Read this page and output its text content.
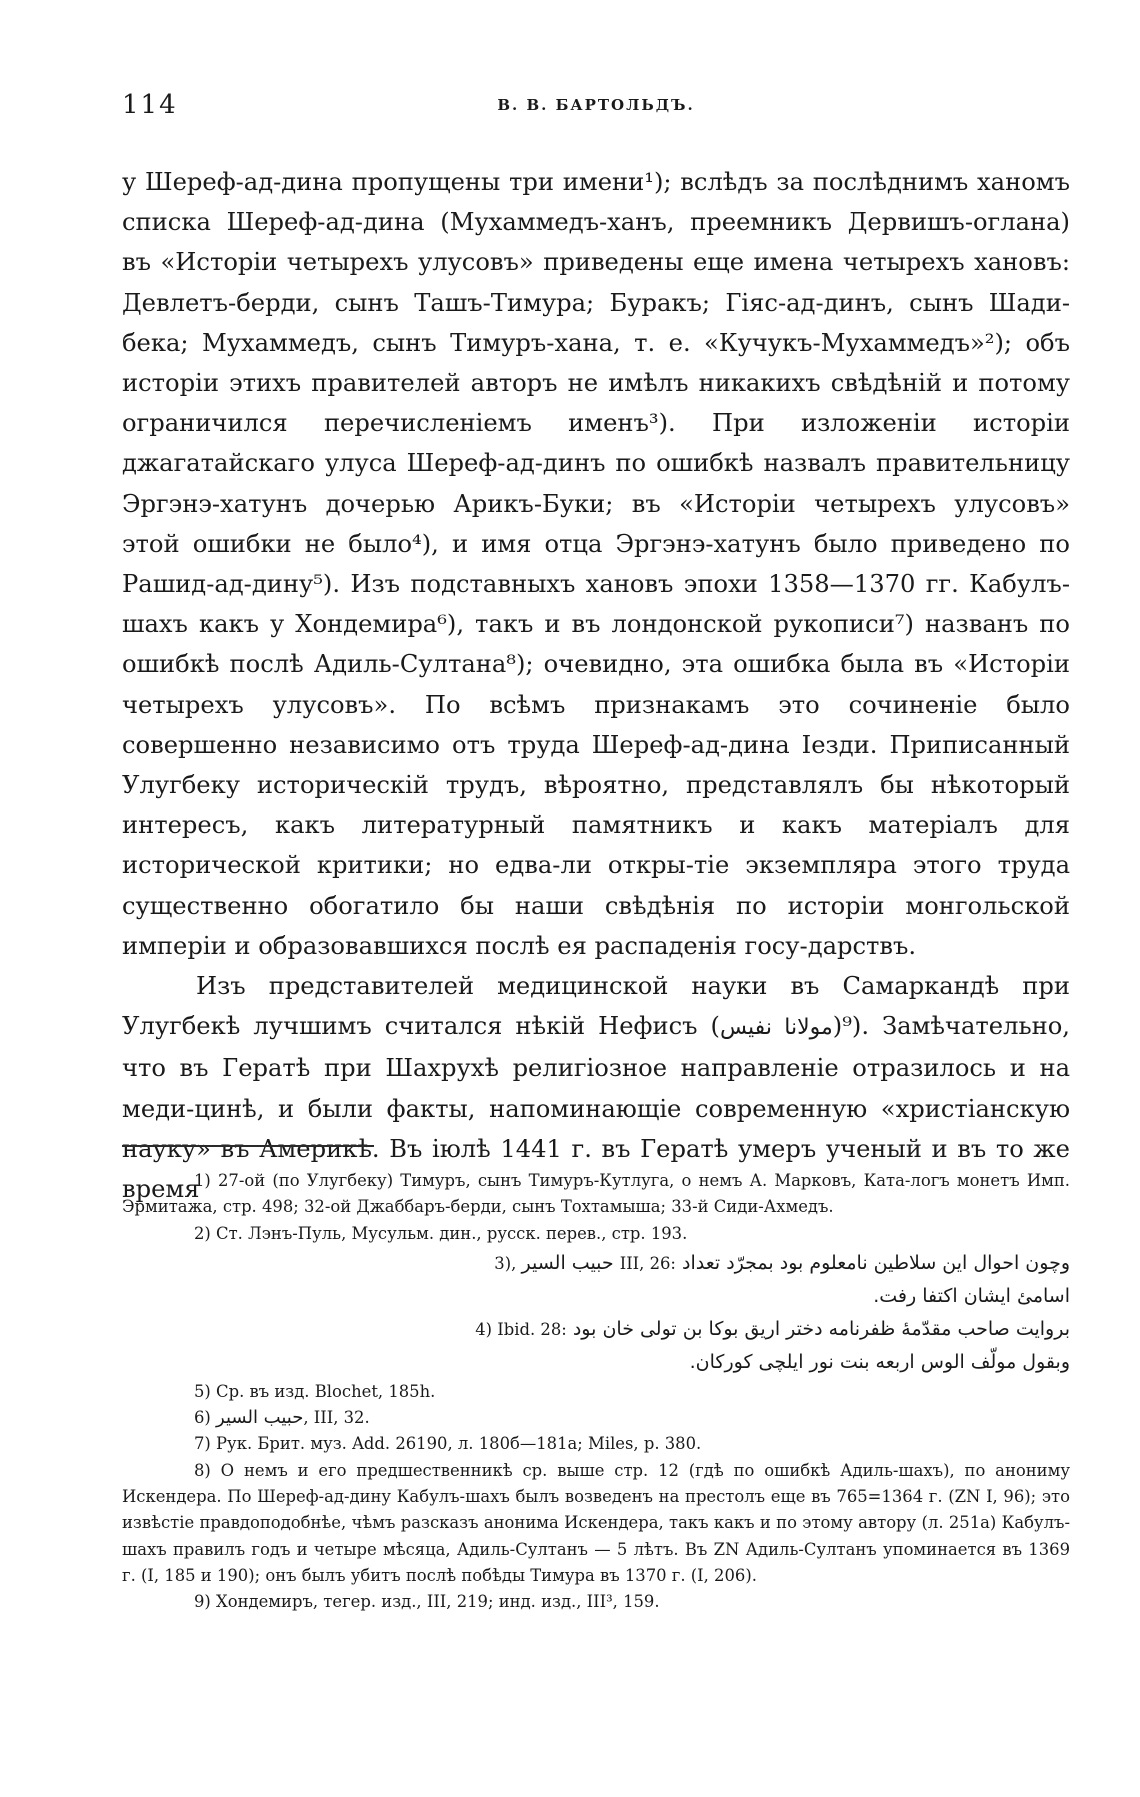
114	В. В. БАРТОЛЬДЪ.

у Шереф-ад-дина пропущены три имени¹); вслѣдъ за послѣднимъ ханомъ списка Шереф-ад-дина (Мухаммедъ-ханъ, преемникъ Дервишъ-оглана) въ «Исторіи четырехъ улусовъ» приведены еще имена четырехъ хановъ: Девлетъ-берди, сынъ Ташъ-Тимура; Буракъ; Гіяс-ад-динъ, сынъ Шади-бека; Мухаммедъ, сынъ Тимуръ-хана, т. е. «Кучукъ-Мухаммедъ»²); объ исторіи этихъ правителей авторъ не имѣлъ никакихъ свѣдѣній и потому ограничился перечисленіемъ именъ³). При изложеніи исторіи джагатайскаго улуса Шереф-ад-динъ по ошибкѣ назвалъ правительницу Эргэнэ-хатунъ дочерью Арикъ-Буки; въ «Исторіи четырехъ улусовъ» этой ошибки не было⁴), и имя отца Эргэнэ-хатунъ было приведено по Рашид-ад-дину⁵). Изъ подставныхъ хановъ эпохи 1358—1370 гг. Кабулъ-шахъ какъ у Хондемира⁶), такъ и въ лондонской рукописи⁷) названъ по ошибкѣ послѣ Адиль-Султана⁸); очевидно, эта ошибка была въ «Исторіи четырехъ улусовъ». По всѣмъ признакамъ это сочиненіе было совершенно независимо отъ труда Шереф-ад-дина Іезди. Приписанный Улугбеку историческій трудъ, вѣроятно, представлялъ бы нѣкоторый интересъ, какъ литературный памятникъ и какъ матеріалъ для исторической критики; но едва-ли откры-тіе экземпляра этого труда существенно обогатило бы наши свѣдѣнія по исторіи монгольской имперіи и образовавшихся послѣ ея распаденія госу-дарствъ.

Изъ представителей медицинской науки въ Самаркандѣ при Улугбекѣ лучшимъ считался нѣкій Нефисъ (مولانا نفيس)⁹). Замѣчательно, что въ Гератѣ при Шахрухѣ религіозное направленіе отразилось и на меди-цинѣ, и были факты, напоминающіе современную «христіанскую науку» въ Америкѣ. Въ іюлѣ 1441 г. въ Гератѣ умеръ ученый и въ то же время

1) 27-ой (по Улугбеку) Тимуръ, сынъ Тимуръ-Кутлуга, о немъ А. Марковъ, Ката-логъ монетъ Имп. Эрмитажа, стр. 498; 32-ой Джаббаръ-берди, сынъ Тохтамыша; 33-й Сиди-Ахмедъ.

2) Ст. Лэнъ-Пуль, Мусульм. дин., русск. перев., стр. 193.

وچون احوال اين سلاطين نامعلوم بود بمجرّد تعداد III, 26: حبيب السير, 3)
اسامئ ايشان اكتفا رفت.
بروايت صاحب مقدّمهٔ ظفرنامه دختر اريق بوكا بن تولى خان بود 4) Ibid. 28:
وبقول مولّف الوس اربعه بنت نور ايلچى كوركان.

5) Ср. въ изд. Blochet, 185h.

6) حبيب السير, III, 32.

7) Рук. Брит. муз. Add. 26190, л. 180б—181а; Miles, p. 380.

8) О немъ и его предшественникѣ ср. выше стр. 12 (гдѣ по ошибкѣ Адиль-шахъ), по анониму Искендера. По Шереф-ад-дину Кабулъ-шахъ былъ возведенъ на престолъ еще въ 765=1364 г. (ZN I, 96); это извѣстіе правдоподобнѣе, чѣмъ разсказъ анонима Искендера, такъ какъ и по этому автору (л. 251а) Кабулъ-шахъ правилъ годъ и четыре мѣсяца, Адиль-Султанъ — 5 лѣтъ. Въ ZN Адиль-Султанъ упоминается въ 1369 г. (I, 185 и 190); онъ былъ убитъ послѣ побѣды Тимура въ 1370 г. (I, 206).

9) Хондемиръ, тегер. изд., III, 219; инд. изд., III³, 159.
